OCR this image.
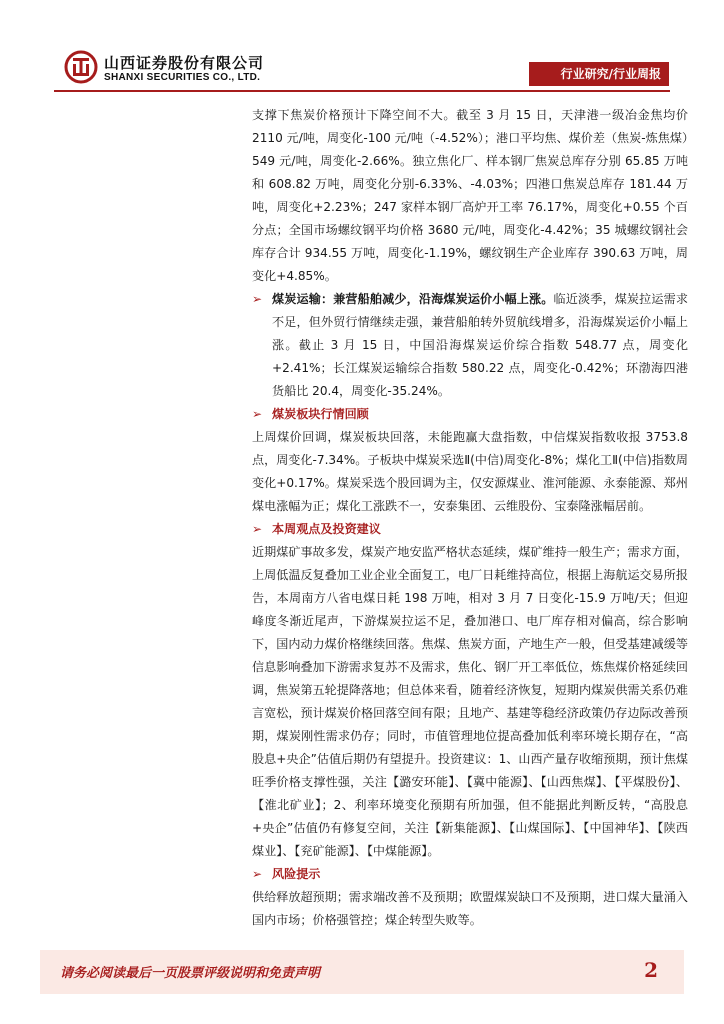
山西证券股份有限公司
SHANXI SECURITIES CO., LTD.	行业研究/行业周报

支撑下焦炭价格预计下降空间不大。截至 3 月 15 日，天津港一级冶金焦均价 2110 元/吨，周变化-100 元/吨（-4.52%）；港口平均焦、煤价差（焦炭-炼焦煤）549 元/吨，周变化-2.66%。独立焦化厂、样本钢厂焦炭总库存分别 65.85 万吨和 608.82 万吨，周变化分别-6.33%、-4.03%；四港口焦炭总库存 181.44 万吨，周变化+2.23%；247 家样本钢厂高炉开工率 76.17%，周变化+0.55 个百分点；全国市场螺纹钢平均价格 3680 元/吨，周变化-4.42%；35 城螺纹钢社会库存合计 934.55 万吨，周变化-1.19%，螺纹钢生产企业库存 390.63 万吨，周变化+4.85%。

➢ 煤炭运输：兼营船舶减少，沿海煤炭运价小幅上涨。临近淡季，煤炭拉运需求不足，但外贸行情继续走强，兼营船舶转外贸航线增多，沿海煤炭运价小幅上涨。截止 3 月 15 日，中国沿海煤炭运价综合指数 548.77 点，周变化+2.41%；长江煤炭运输综合指数 580.22 点，周变化-0.42%；环渤海四港货船比 20.4，周变化-35.24%。
➢ 煤炭板块行情回顾

上周煤价回调，煤炭板块回落，未能跑赢大盘指数，中信煤炭指数收报 3753.8 点，周变化-7.34%。子板块中煤炭采选Ⅱ(中信)周变化-8%；煤化工Ⅱ(中信)指数周变化+0.17%。煤炭采选个股回调为主，仅安源煤业、淮河能源、永泰能源、郑州煤电涨幅为正；煤化工涨跌不一，安泰集团、云维股份、宝泰隆涨幅居前。

➢ 本周观点及投资建议

近期煤矿事故多发，煤炭产地安监严格状态延续，煤矿维持一般生产；需求方面，上周低温反复叠加工业企业全面复工，电厂日耗维持高位，根据上海航运交易所报告，本周南方八省电煤日耗 198 万吨，相对 3 月 7 日变化-15.9 万吨/天；但迎峰度冬渐近尾声，下游煤炭拉运不足，叠加港口、电厂库存相对偏高，综合影响下，国内动力煤价格继续回落。焦煤、焦炭方面，产地生产一般，但受基建减缓等信息影响叠加下游需求复苏不及需求，焦化、钢厂开工率低位，炼焦煤价格延续回调，焦炭第五轮提降落地；但总体来看，随着经济恢复，短期内煤炭供需关系仍难言宽松，预计煤炭价格回落空间有限；且地产、基建等稳经济政策仍存边际改善预期，煤炭刚性需求仍存；同时，市值管理地位提高叠加低利率环境长期存在，“高股息+央企”估值后期仍有望提升。投资建议：1、山西产量存收缩预期，预计焦煤旺季价格支撑性强，关注【潞安环能】、【冀中能源】、【山西焦煤】、【平煤股份】、【淮北矿业】；2、利率环境变化预期有所加强，但不能据此判断反转，“高股息+央企”估值仍有修复空间，关注【新集能源】、【山煤国际】、【中国神华】、【陕西煤业】、【兖矿能源】、【中煤能源】。

➢ 风险提示

供给释放超预期；需求端改善不及预期；欧盟煤炭缺口不及预期，进口煤大量涌入国内市场；价格强管控；煤企转型失败等。

请务必阅读最后一页股票评级说明和免责声明	2
